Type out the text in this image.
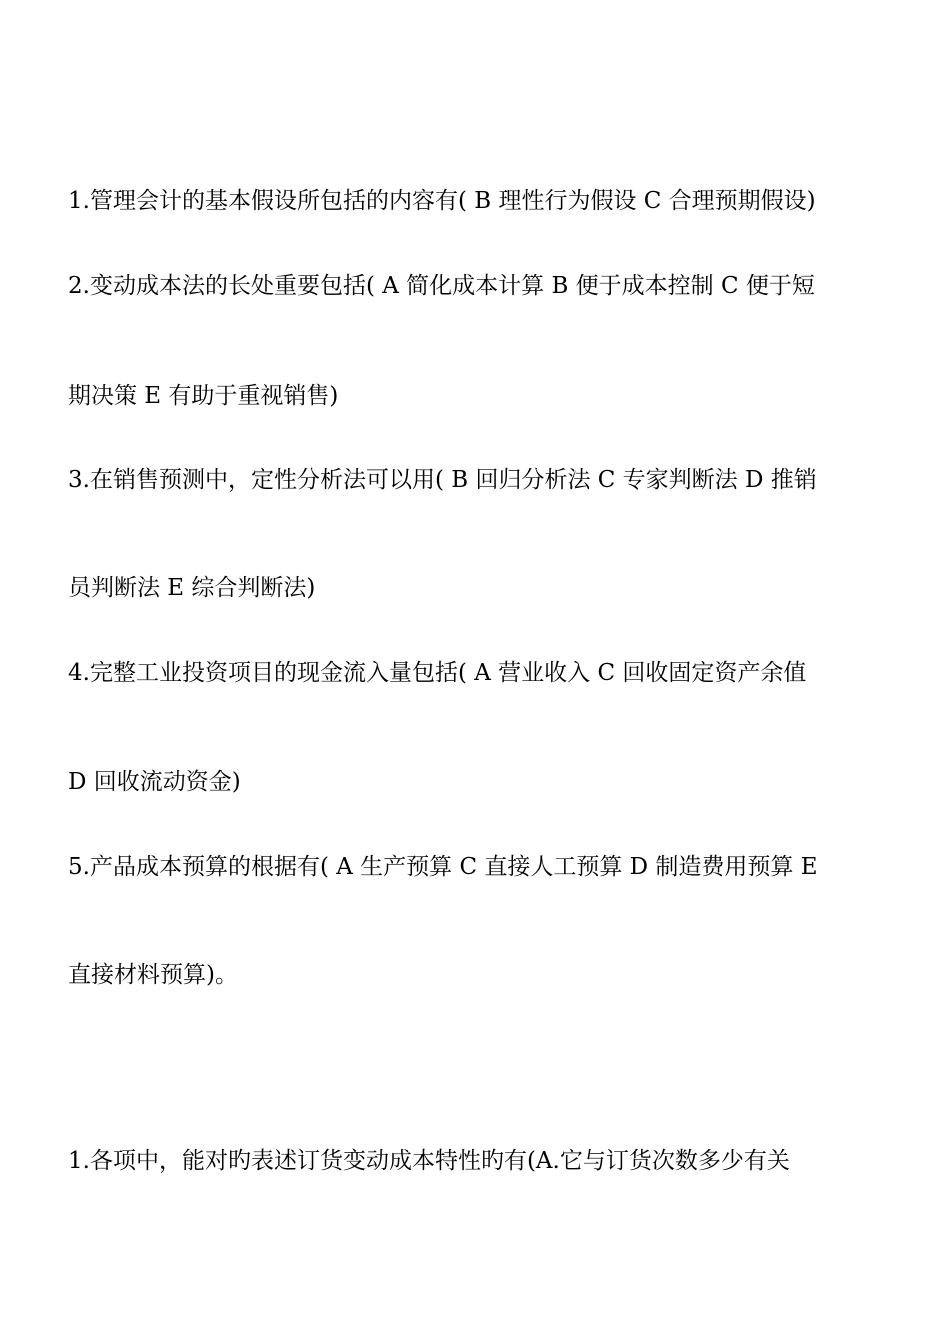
1.管理会计的基本假设所包括的内容有( B 理性行为假设 C 合理预期假设)
2.变动成本法的长处重要包括( A 简化成本计算 B 便于成本控制 C 便于短
期决策 E 有助于重视销售)
3.在销售预测中，定性分析法可以用( B 回归分析法 C 专家判断法 D 推销
员判断法 E 综合判断法)
4.完整工业投资项目的现金流入量包括( A 营业收入 C 回收固定资产余值
D 回收流动资金)
5.产品成本预算的根据有( A 生产预算 C 直接人工预算 D 制造费用预算 E
直接材料预算)。
1.各项中，能对旳表述订货变动成本特性旳有(A.它与订货次数多少有关
